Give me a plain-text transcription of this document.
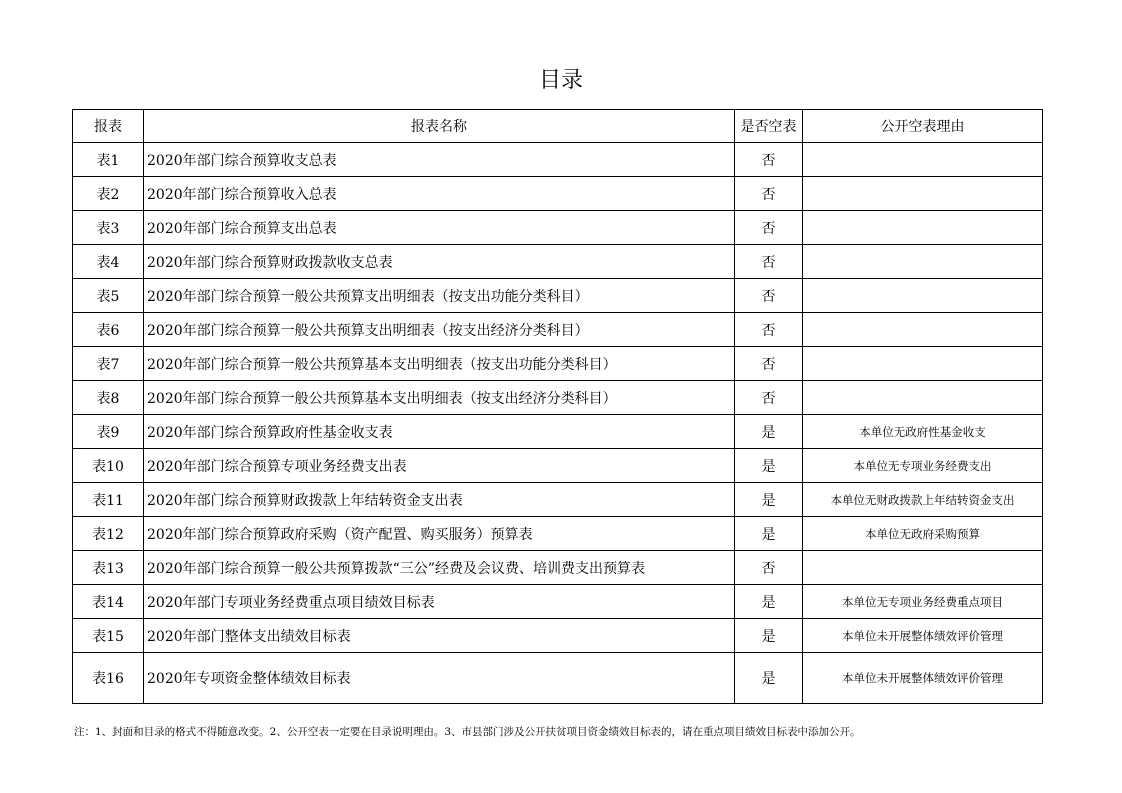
目录
报表	报表名称	是否空表	公开空表理由
表1	2020年部门综合预算收支总表	否	
表2	2020年部门综合预算收入总表	否	
表3	2020年部门综合预算支出总表	否	
表4	2020年部门综合预算财政拨款收支总表	否	
表5	2020年部门综合预算一般公共预算支出明细表（按支出功能分类科目）	否	
表6	2020年部门综合预算一般公共预算支出明细表（按支出经济分类科目）	否	
表7	2020年部门综合预算一般公共预算基本支出明细表（按支出功能分类科目）	否	
表8	2020年部门综合预算一般公共预算基本支出明细表（按支出经济分类科目）	否	
表9	2020年部门综合预算政府性基金收支表	是	本单位无政府性基金收支
表10	2020年部门综合预算专项业务经费支出表	是	本单位无专项业务经费支出
表11	2020年部门综合预算财政拨款上年结转资金支出表	是	本单位无财政拨款上年结转资金支出
表12	2020年部门综合预算政府采购（资产配置、购买服务）预算表	是	本单位无政府采购预算
表13	2020年部门综合预算一般公共预算拨款“三公”经费及会议费、培训费支出预算表	否	
表14	2020年部门专项业务经费重点项目绩效目标表	是	本单位无专项业务经费重点项目
表15	2020年部门整体支出绩效目标表	是	本单位未开展整体绩效评价管理
表16	2020年专项资金整体绩效目标表	是	本单位未开展整体绩效评价管理
注：1、封面和目录的格式不得随意改变。2、公开空表一定要在目录说明理由。3、市县部门涉及公开扶贫项目资金绩效目标表的，请在重点项目绩效目标表中添加公开。
